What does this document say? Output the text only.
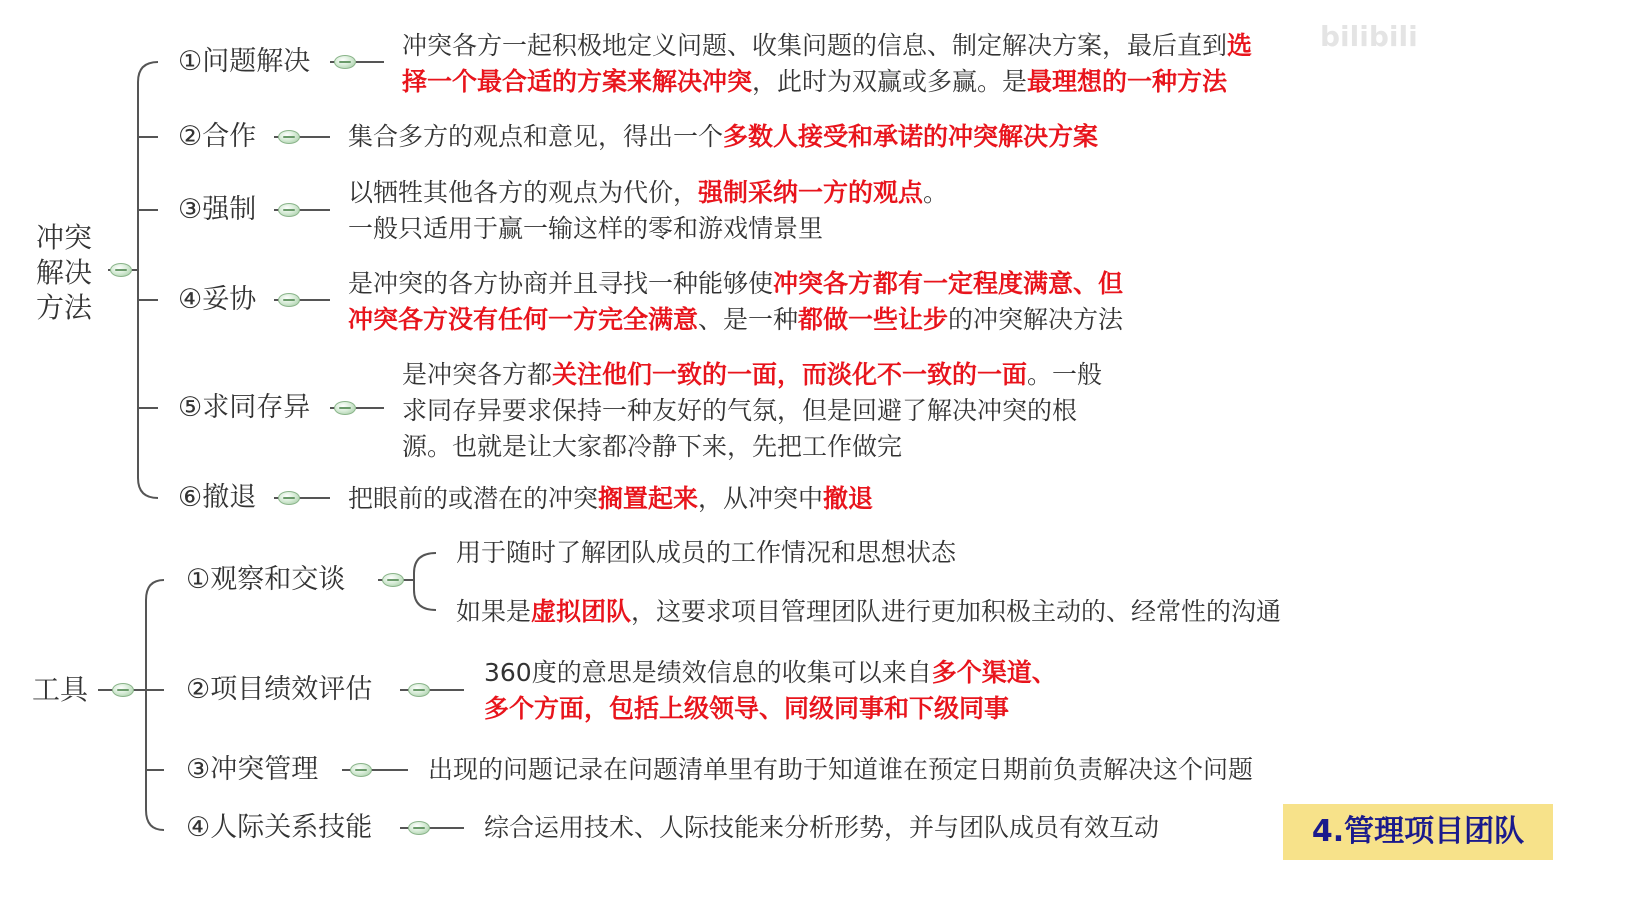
冲突
解决
方法
①问题解决
②合作
③强制
④妥协
⑤求同存异
⑥撤退
冲突各方一起积极地定义问题、收集问题的信息、制定解决方案，最后直到选
择一个最合适的方案来解决冲突，此时为双赢或多赢。是最理想的一种方法
集合多方的观点和意见，得出一个多数人接受和承诺的冲突解决方案
以牺牲其他各方的观点为代价，强制采纳一方的观点。
一般只适用于赢一输这样的零和游戏情景里
是冲突的各方协商并且寻找一种能够使冲突各方都有一定程度满意、但
冲突各方没有任何一方完全满意、是一种都做一些让步的冲突解决方法
是冲突各方都关注他们一致的一面，而淡化不一致的一面。一般
求同存异要求保持一种友好的气氛，但是回避了解决冲突的根
源。也就是让大家都冷静下来，先把工作做完
把眼前的或潜在的冲突搁置起来，从冲突中撤退
工具
①观察和交谈
②项目绩效评估
③冲突管理
④人际关系技能
用于随时了解团队成员的工作情况和思想状态
如果是虚拟团队，这要求项目管理团队进行更加积极主动的、经常性的沟通
360度的意思是绩效信息的收集可以来自多个渠道、
多个方面，包括上级领导、同级同事和下级同事
出现的问题记录在问题清单里有助于知道谁在预定日期前负责解决这个问题
综合运用技术、人际技能来分析形势，并与团队成员有效互动
bilibili
4.管理项目团队
